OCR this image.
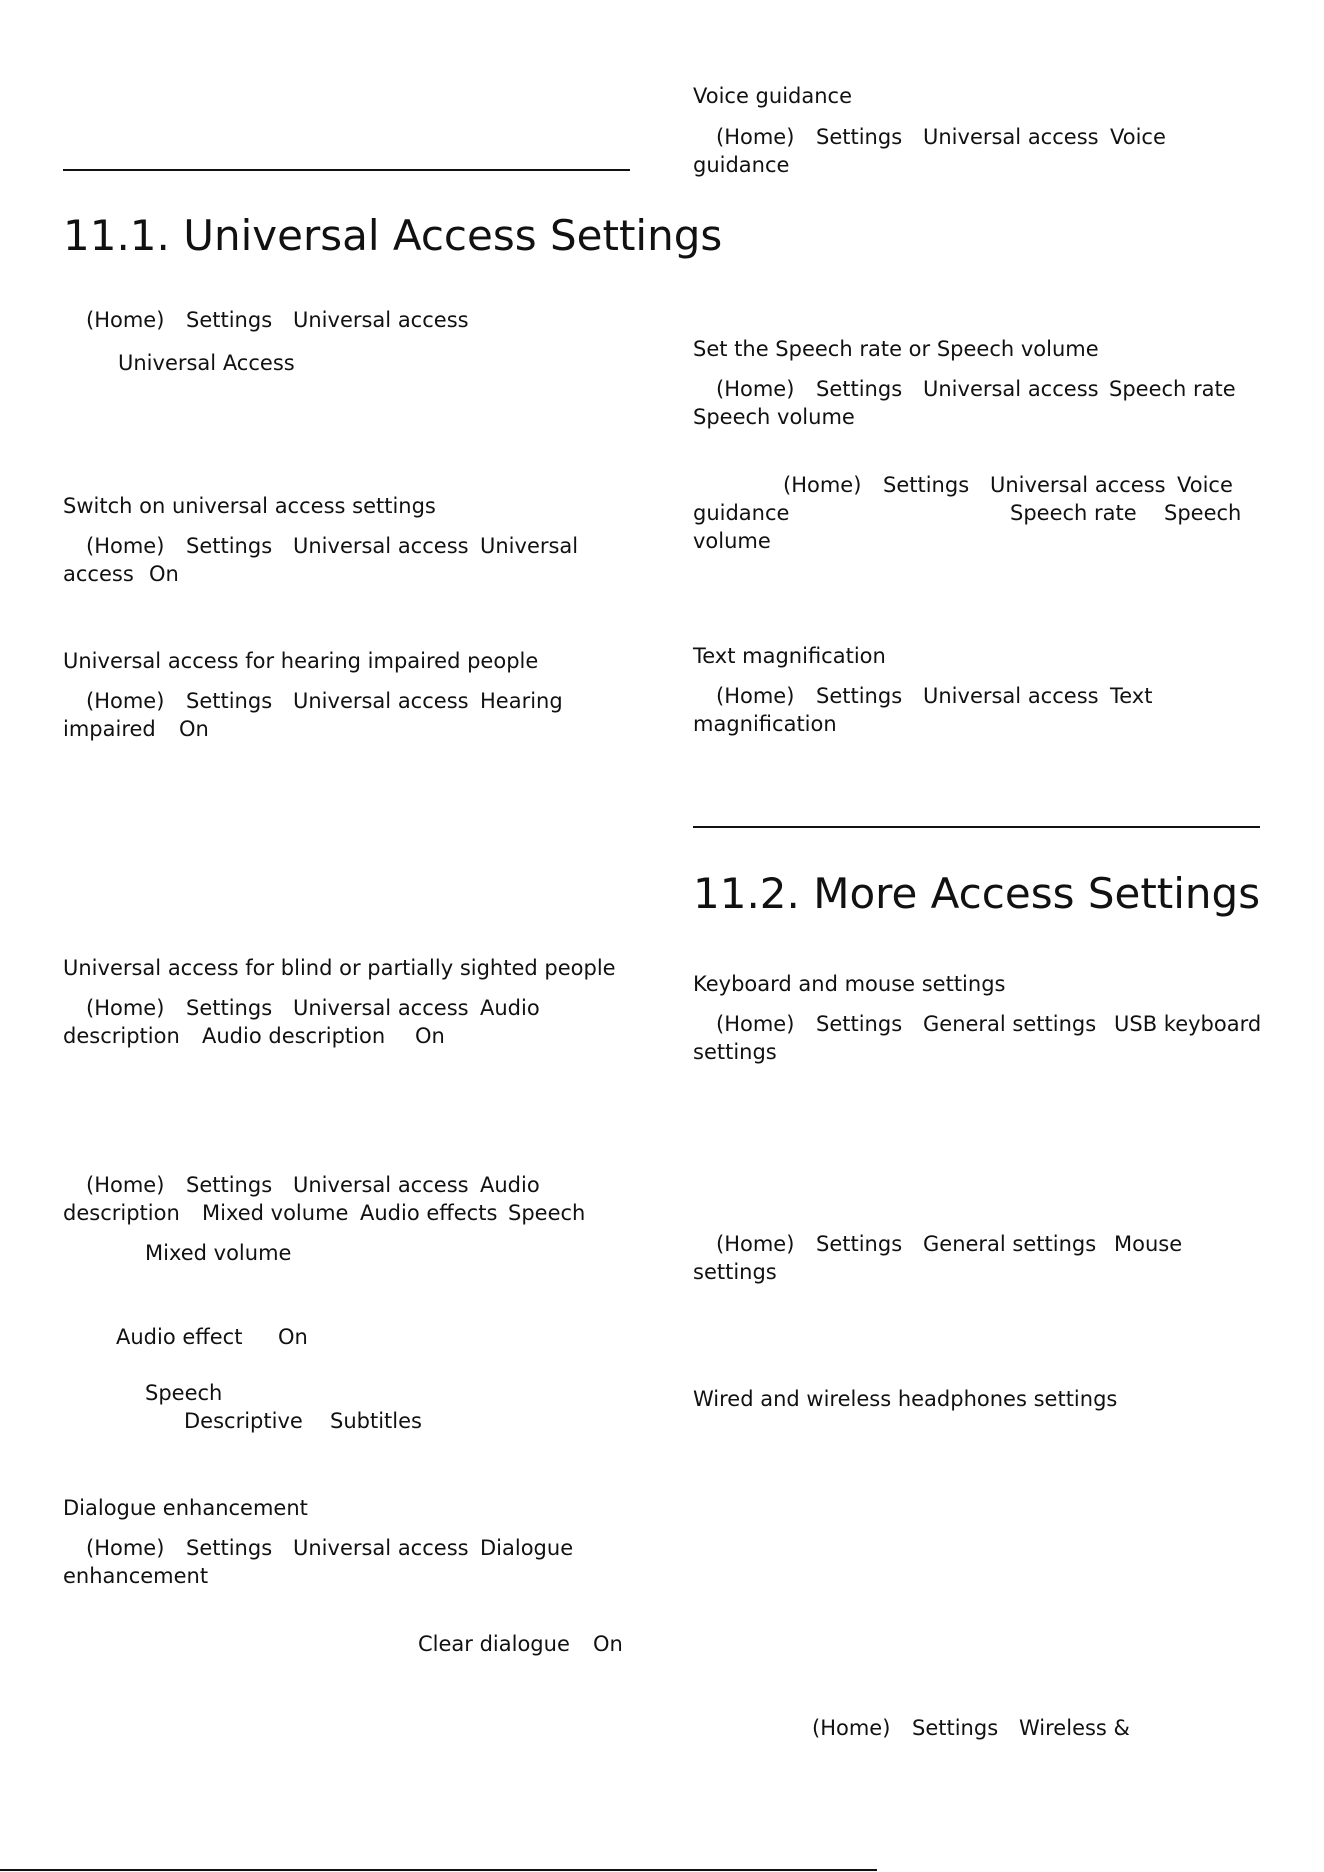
11.1. Universal Access Settings
(Home) Settings Universal access
Universal Access
Switch on universal access settings
(Home) Settings Universal access Universal
access On
Universal access for hearing impaired people
(Home) Settings Universal access Hearing
impaired On
Universal access for blind or partially sighted people
(Home) Settings Universal access Audio
description Audio description On
(Home) Settings Universal access Audio
description Mixed volume Audio effects Speech
Mixed volume
Audio effect On
Speech
Descriptive Subtitles
Dialogue enhancement
(Home) Settings Universal access Dialogue
enhancement
Clear dialogue On
Voice guidance
(Home) Settings Universal access Voice
guidance
Set the Speech rate or Speech volume
(Home) Settings Universal access Speech rate
Speech volume
(Home) Settings Universal access Voice
guidance	Speech rate Speech
volume
Text magnification
(Home) Settings Universal access Text
magnification
11.2. More Access Settings
Keyboard and mouse settings
(Home) Settings General settings USB keyboard
settings
(Home) Settings General settings Mouse
settings
Wired and wireless headphones settings
(Home) Settings Wireless &
